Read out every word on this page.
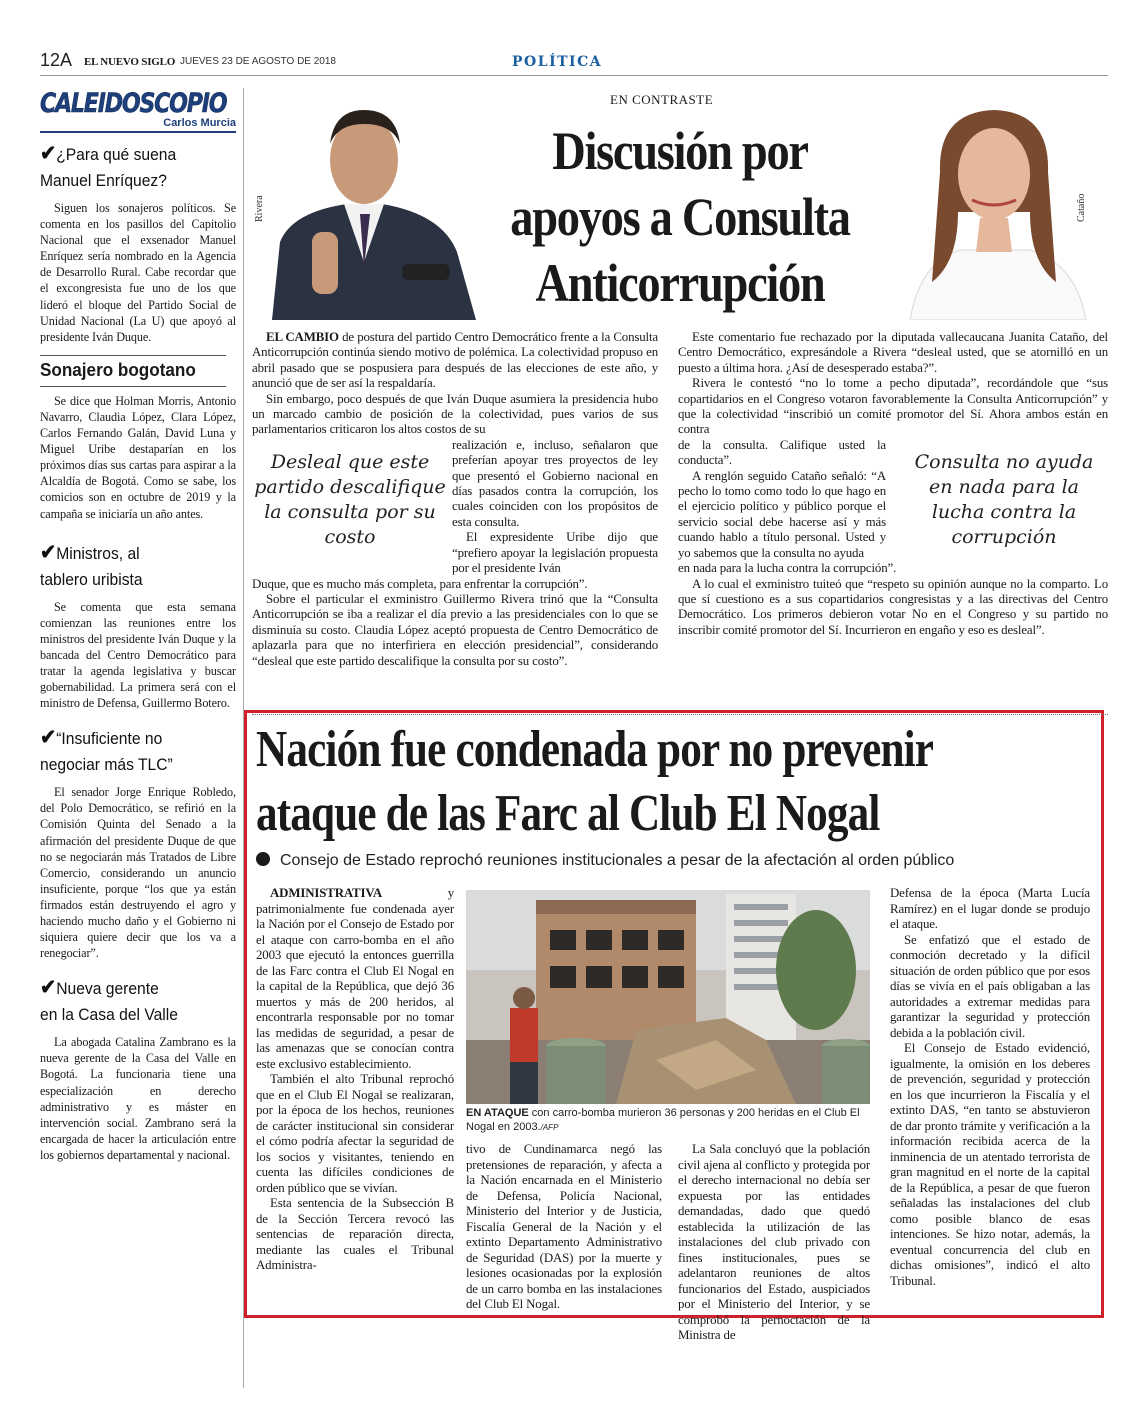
12A EL NUEVO SIGLO JUEVES 23 DE AGOSTO DE 2018	POLÍTICA
CALEIDOSCOPIO
Carlos Murcia
✔¿Para qué suena
Manuel Enríquez?

Siguen los sonajeros políticos. Se comenta en los pasillos del Capitolio Nacional que el exsenador Manuel Enríquez sería nombrado en la Agencia de Desarrollo Rural. Cabe recordar que el excongresista fue uno de los que lideró el bloque del Partido Social de Unidad Nacional (La U) que apoyó al presidente Iván Duque.

Sonajero bogotano

Se dice que Holman Morris, Antonio Navarro, Claudia López, Clara López, Carlos Fernando Galán, David Luna y Miguel Uribe destaparían en los próximos días sus cartas para aspirar a la Alcaldía de Bogotá. Como se sabe, los comicios son en octubre de 2019 y la campaña se iniciaría un año antes.

✔Ministros, al
tablero uribista

Se comenta que esta semana comienzan las reuniones entre los ministros del presidente Iván Duque y la bancada del Centro Democrático para tratar la agenda legislativa y buscar gobernabilidad. La primera será con el ministro de Defensa, Guillermo Botero.

✔“Insuficiente no
negociar más TLC”

El senador Jorge Enrique Robledo, del Polo Democrático, se refirió en la Comisión Quinta del Senado a la afirmación del presidente Duque de que no se negociarán más Tratados de Libre Comercio, considerando un anuncio insuficiente, porque “los que ya están firmados están destruyendo el agro y haciendo mucho daño y el Gobierno ni siquiera quiere decir que los va a renegociar”.

✔Nueva gerente
en la Casa del Valle

La abogada Catalina Zambrano es la nueva gerente de la Casa del Valle en Bogotá. La funcionaria tiene una especialización en derecho administrativo y es máster en intervención social. Zambrano será la encargada de hacer la articulación entre los gobiernos departamental y nacional.

EN CONTRASTE
Rivera	Cataño
Discusión por
apoyos a Consulta
Anticorrupción

EL CAMBIO de postura del partido Centro Democrático frente a la Consulta Anticorrupción continúa siendo motivo de polémica. La colectividad propuso en abril pasado que se pospusiera para después de las elecciones de este año, y anunció que de ser así la respaldaría.

Sin embargo, poco después de que Iván Duque asumiera la presidencia hubo un marcado cambio de posición de la colectividad, pues varios de sus parlamentarios criticaron los altos costos de su

realización e, incluso, señalaron que preferían apoyar tres proyectos de ley que presentó el Gobierno nacional en días pasados contra la corrupción, los cuales coinciden con los propósitos de esta consulta.

El expresidente Uribe dijo que “prefiero apoyar la legislación propuesta por el presidente Iván

Duque, que es mucho más completa, para enfrentar la corrupción”.

Sobre el particular el exministro Guillermo Rivera trinó que la “Consulta Anticorrupción se iba a realizar el día previo a las presidenciales con lo que se disminuía su costo. Claudia López aceptó propuesta de Centro Democrático de aplazarla para que no interfiriera en elección presidencial”, considerando “desleal que este partido descalifique la consulta por su costo”.

Este comentario fue rechazado por la diputada vallecaucana Juanita Cataño, del Centro Democrático, expresándole a Rivera “desleal usted, que se atornilló en un puesto a última hora. ¿Así de desesperado estaba?”.

Rivera le contestó “no lo tome a pecho diputada”, recordándole que “sus copartidarios en el Congreso votaron favorablemente la Consulta Anticorrupción” y que la colectividad “inscribió un comité promotor del Sí. Ahora ambos están en contra

de la consulta. Califique usted la conducta”.

A renglón seguido Cataño señaló: “A pecho lo tomo como todo lo que hago en el ejercicio político y público porque el servicio social debe hacerse así y más cuando hablo a título personal. Usted y yo sabemos que la consulta no ayuda

en nada para la lucha contra la corrupción”.

A lo cual el exministro tuiteó que “respeto su opinión aunque no la comparto. Lo que sí cuestiono es a sus copartidarios congresistas y a las directivas del Centro Democrático. Los primeros debieron votar No en el Congreso y su partido no inscribir comité promotor del Sí. Incurrieron en engaño y eso es desleal”.

Desleal que este partido descalifique la consulta por su costo
Consulta no ayuda en nada para la lucha contra la corrupción
Nación fue condenada por no prevenir
ataque de las Farc al Club El Nogal
Consejo de Estado reprochó reuniones institucionales a pesar de la afectación al orden público

ADMINISTRATIVA y patrimonialmente fue condenada ayer la Nación por el Consejo de Estado por el ataque con carro-bomba en el año 2003 que ejecutó la entonces guerrilla de las Farc contra el Club El Nogal en la capital de la República, que dejó 36 muertos y más de 200 heridos, al encontrarla responsable por no tomar las medidas de seguridad, a pesar de las amenazas que se conocían contra este exclusivo establecimiento.

También el alto Tribunal reprochó que en el Club El Nogal se realizaran, por la época de los hechos, reuniones de carácter institucional sin considerar el cómo podría afectar la seguridad de los socios y visitantes, teniendo en cuenta las difíciles condiciones de orden público que se vivían.

Esta sentencia de la Subsección B de la Sección Tercera revocó las sentencias de reparación directa, mediante las cuales el Tribunal Administra-

EN ATAQUE con carro-bomba murieron 36 personas y 200 heridas en el Club El Nogal en 2003./AFP

tivo de Cundinamarca negó las pretensiones de reparación, y afecta a la Nación encarnada en el Ministerio de Defensa, Policía Nacional, Ministerio del Interior y de Justicia, Fiscalía General de la Nación y el extinto Departamento Administrativo de Seguridad (DAS) por la muerte y lesiones ocasionadas por la explosión de un carro bomba en las instalaciones del Club El Nogal.

La Sala concluyó que la población civil ajena al conflicto y protegida por el derecho internacional no debía ser expuesta por las entidades demandadas, dado que quedó establecida la utilización de las instalaciones del club privado con fines institucionales, pues se adelantaron reuniones de altos funcionarios del Estado, auspiciados por el Ministerio del Interior, y se comprobó la pernoctación de la Ministra de

Defensa de la época (Marta Lucía Ramírez) en el lugar donde se produjo el ataque.

Se enfatizó que el estado de conmoción decretado y la difícil situación de orden público que por esos días se vivía en el país obligaban a las autoridades a extremar medidas para garantizar la seguridad y protección debida a la población civil.

El Consejo de Estado evidenció, igualmente, la omisión en los deberes de prevención, seguridad y protección en los que incurrieron la Fiscalía y el extinto DAS, “en tanto se abstuvieron de dar pronto trámite y verificación a la información recibida acerca de la inminencia de un atentado terrorista de gran magnitud en el norte de la capital de la República, a pesar de que fueron señaladas las instalaciones del club como posible blanco de esas intenciones. Se hizo notar, además, la eventual concurrencia del club en dichas omisiones”, indicó el alto Tribunal.
